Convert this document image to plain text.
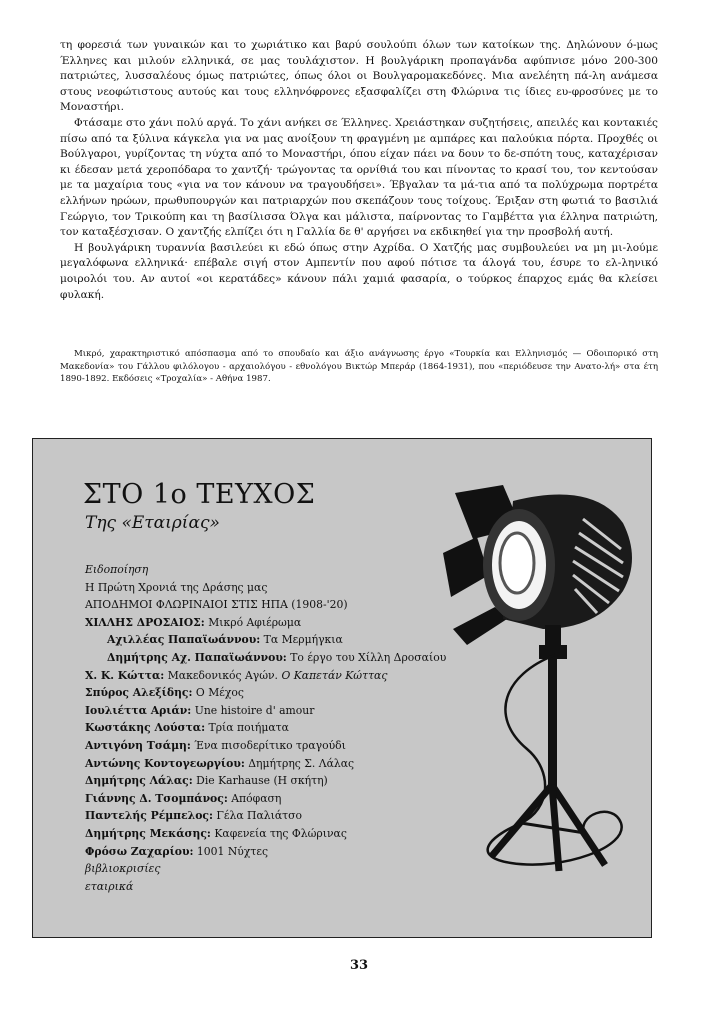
τη φορεσιά των γυναικών και το χωριάτικο και βαρύ σουλούπι όλων των κατοίκων της. Δηλώνουν ό-μως Έλληνες και μιλούν ελληνικά, σε μας τουλάχιστον. Η βουλγάρικη προπαγάνδα αφύπνισε μόνο 200-300 πατριώτες, λυσσαλέους όμως πατριώτες, όπως όλοι οι Βουλγαρομακεδόνες. Μια ανελέητη πά-λη ανάμεσα στους νεοφώτιστους αυτούς και τους ελληνόφρονες εξασφαλίζει στη Φλώρινα τις ίδιες ευ-φροσύνες με το Μοναστήρι.

Φτάσαμε στο χάνι πολύ αργά. Το χάνι ανήκει σε Έλληνες. Χρειάστηκαν συζητήσεις, απειλές και κοντακιές πίσω από τα ξύλινα κάγκελα για να μας ανοίξουν τη φραγμένη με αμπάρες και παλούκια πόρτα. Προχθές οι Βούλγαροι, γυρίζοντας τη νύχτα από το Μοναστήρι, όπου είχαν πάει να δουν το δε-σπότη τους, καταχέρισαν κι έδεσαν μετά χεροπόδαρα το χαντζή· τρώγοντας τα ορνίθιά του και πίνοντας το κρασί του, τον κεντούσαν με τα μαχαίρια τους «για να τον κάνουν να τραγουδήσει». Έβγαλαν τα μά-τια από τα πολύχρωμα πορτρέτα ελλήνων ηρώων, πρωθυπουργών και πατριαρχών που σκεπάζουν τους τοίχους. Έριξαν στη φωτιά το βασιλιά Γεώργιο, τον Τρικούπη και τη βασίλισσα Όλγα και μάλιστα, παίρνοντας το Γαμβέττα για έλληνα πατριώτη, τον καταξέσχισαν. Ο χαντζής ελπίζει ότι η Γαλλία δε θ' αργήσει να εκδικηθεί για την προσβολή αυτή.

Η βουλγάρικη τυραννία βασιλεύει κι εδώ όπως στην Αχρίδα. Ο Χατζής μας συμβουλεύει να μη μι-λούμε μεγαλόφωνα ελληνικά· επέβαλε σιγή στον Αμπεντίν που αφού πότισε τα άλογά του, έσυρε το ελ-ληνικό μοιρολόι του. Αν αυτοί «οι κερατάδες» κάνουν πάλι χαμιά φασαρία, ο τούρκος έπαρχος εμάς θα κλείσει φυλακή.

Μικρό, χαρακτηριστικό απόσπασμα από το σπουδαίο και άξιο ανάγνωσης έργο «Τουρκία και Ελληνισμός — Οδοιπορικό στη Μακεδονία» του Γάλλου φιλόλογου - αρχαιολόγου - εθνολόγου Βικτώρ Μπεράρ (1864-1931), που «περιόδευσε την Ανατο-λή» στα έτη 1890-1892. Εκδόσεις «Τροχαλία» - Αθήνα 1987.
ΣΤΟ 1ο ΤΕΥΧΟΣ
Της «Εταιρίας»
Ειδοποίηση
Η Πρώτη Χρονιά της Δράσης μας
ΑΠΟΔΗΜΟΙ ΦΛΩΡΙΝΑΙΟΙ ΣΤΙΣ ΗΠΑ (1908-'20)
ΧΙΛΛΗΣ ΔΡΟΣΑΙΟΣ: Μικρό Αφιέρωμα
Αχιλλέας Παπαϊωάννου: Τα Μερμήγκια
Δημήτρης Αχ. Παπαϊωάννου: Το έργο του Χίλλη Δροσαίου
Χ. Κ. Κώττα: Μακεδονικός Αγών. Ο Καπετάν Κώττας
Σπύρος Αλεξίδης: Ο Μέχος
Ιουλιέττα Αριάν: Une histoire d' amour
Κωστάκης Λούστα: Τρία ποιήματα
Αντιγόνη Τσάμη: Ένα πισοδερίτικο τραγούδι
Αντώνης Κοντογεωργίου: Δημήτρης Σ. Λάλας
Δημήτρης Λάλας: Die Karhause (Η σκήτη)
Γιάννης Δ. Τσομπάνος: Απόφαση
Παντελής Ρέμπελος: Γέλα Παλιάτσο
Δημήτρης Μεκάσης: Καφενεία της Φλώρινας
Φρόσω Ζαχαρίου: 1001 Νύχτες
βιβλιοκρισίες
εταιρικά
33
